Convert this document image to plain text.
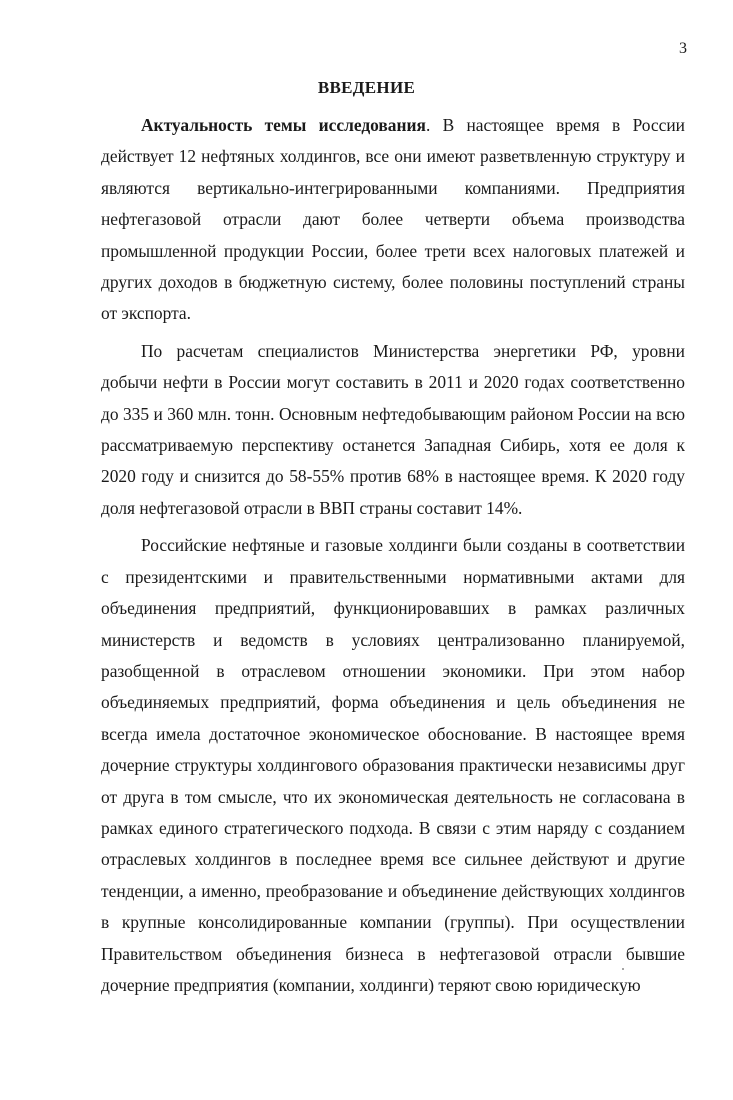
3
ВВЕДЕНИЕ

Актуальность темы исследования. В настоящее время в России действует 12 нефтяных холдингов, все они имеют разветвленную структуру и являются вертикально-интегрированными компаниями. Предприятия нефтегазовой отрасли дают более четверти объема производства промышленной продукции России, более трети всех налоговых платежей и других доходов в бюджетную систему, более половины поступлений страны от экспорта.

По расчетам специалистов Министерства энергетики РФ, уровни добычи нефти в России могут составить в 2011 и 2020 годах соответственно до 335 и 360 млн. тонн. Основным нефтедобывающим районом России на всю рассматриваемую перспективу останется Западная Сибирь, хотя ее доля к 2020 году и снизится до 58-55% против 68% в настоящее время. К 2020 году доля нефтегазовой отрасли в ВВП страны составит 14%.

Российские нефтяные и газовые холдинги были созданы в соответствии с президентскими и правительственными нормативными актами для объединения предприятий, функционировавших в рамках различных министерств и ведомств в условиях централизованно планируемой, разобщенной в отраслевом отношении экономики. При этом набор объединяемых предприятий, форма объединения и цель объединения не всегда имела достаточное экономическое обоснование. В настоящее время дочерние структуры холдингового образования практически независимы друг от друга в том смысле, что их экономическая деятельность не согласована в рамках единого стратегического подхода. В связи с этим наряду с созданием отраслевых холдингов в последнее время все сильнее действуют и другие тенденции, а именно, преобразование и объединение действующих холдингов в крупные консолидированные компании (группы). При осуществлении Правительством объединения бизнеса в нефтегазовой отрасли бывшие дочерние предприятия (компании, холдинги) теряют свою юридическую
